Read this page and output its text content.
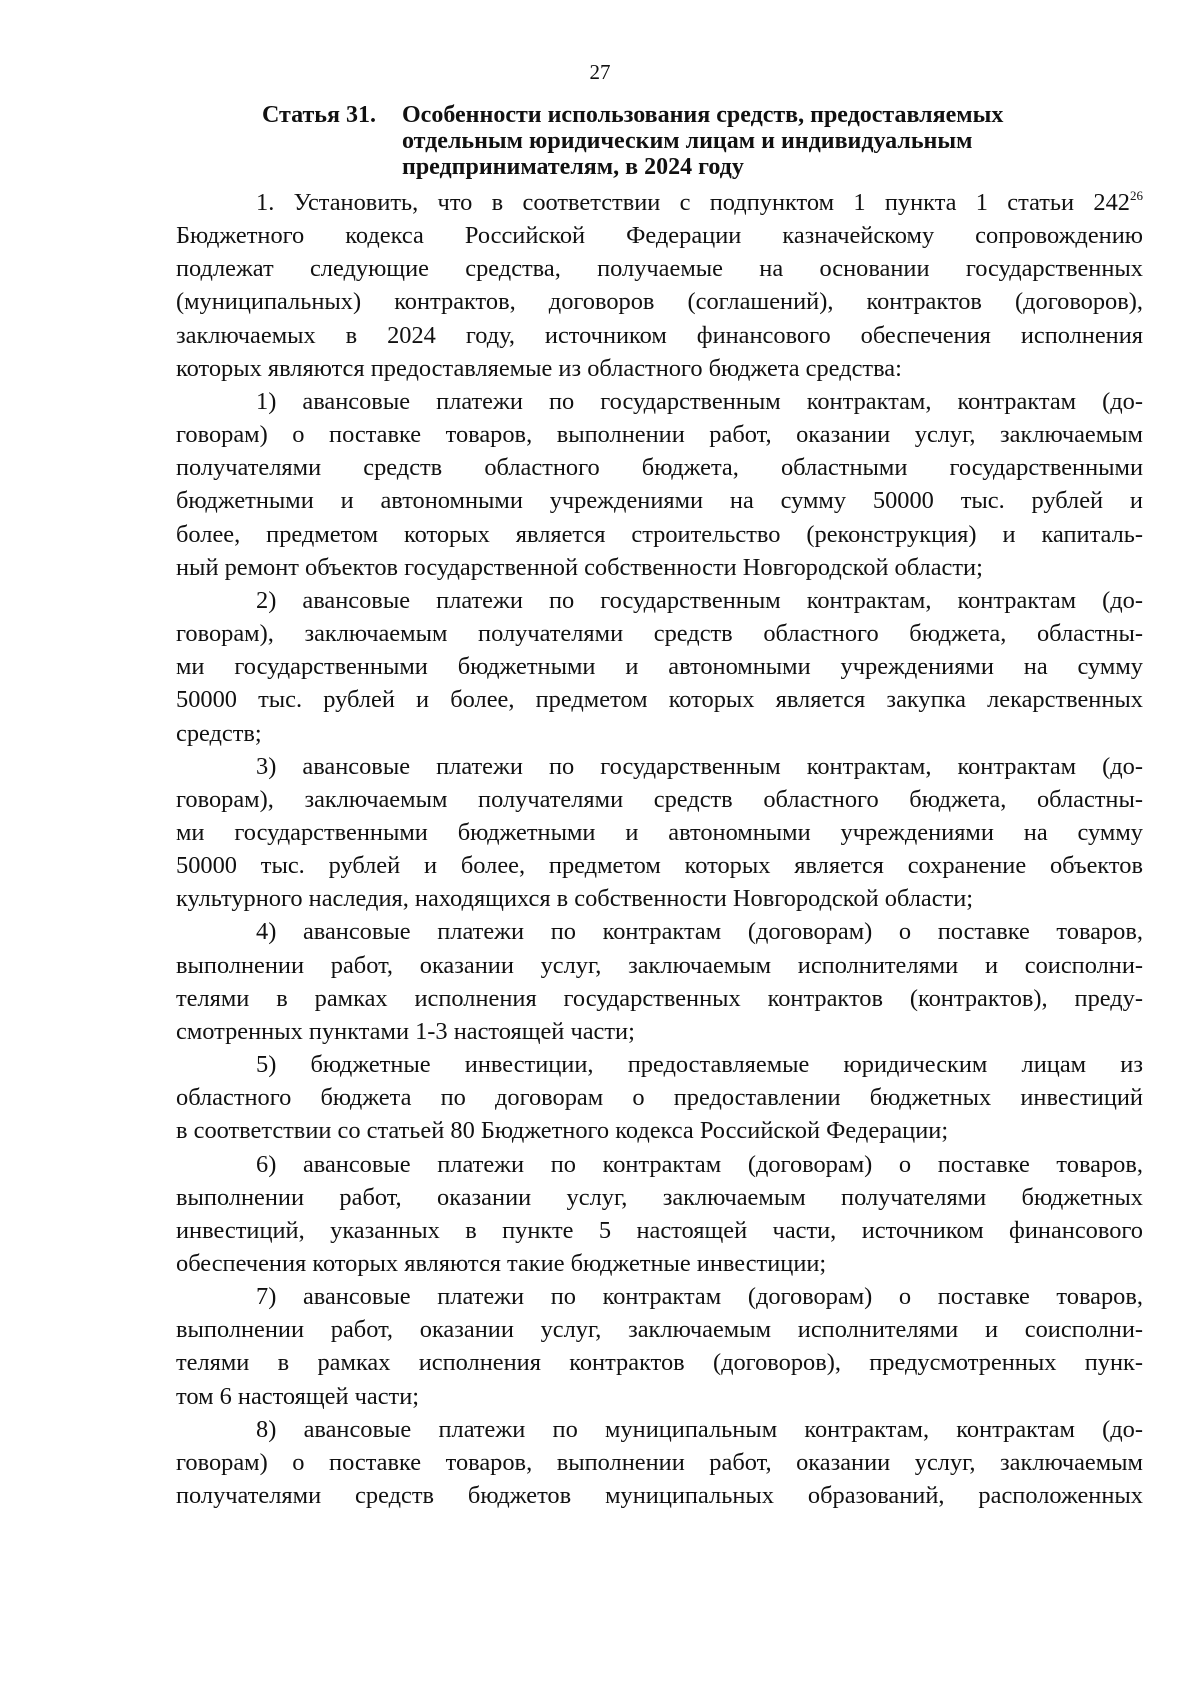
27
Статья 31. Особенности использования средств, предоставляемых
отдельным юридическим лицам и индивидуальным
предпринимателям, в 2024 году
1. Установить, что в соответствии с подпунктом 1 пункта 1 статьи 242$^{26}$
Бюджетного кодекса Российской Федерации казначейскому сопровождению
подлежат следующие средства, получаемые на основании государственных
(муниципальных) контрактов, договоров (соглашений), контрактов (договоров),
заключаемых в 2024 году, источником финансового обеспечения исполнения
которых являются предоставляемые из областного бюджета средства:
1) авансовые платежи по государственным контрактам, контрактам (до-
говорам) о поставке товаров, выполнении работ, оказании услуг, заключаемым
получателями средств областного бюджета, областными государственными
бюджетными и автономными учреждениями на сумму 50000 тыс. рублей и
более, предметом которых является строительство (реконструкция) и капиталь-
ный ремонт объектов государственной собственности Новгородской области;
2) авансовые платежи по государственным контрактам, контрактам (до-
говорам), заключаемым получателями средств областного бюджета, областны-
ми государственными бюджетными и автономными учреждениями на сумму
50000 тыс. рублей и более, предметом которых является закупка лекарственных
средств;
3) авансовые платежи по государственным контрактам, контрактам (до-
говорам), заключаемым получателями средств областного бюджета, областны-
ми государственными бюджетными и автономными учреждениями на сумму
50000 тыс. рублей и более, предметом которых является сохранение объектов
культурного наследия, находящихся в собственности Новгородской области;
4) авансовые платежи по контрактам (договорам) о поставке товаров,
выполнении работ, оказании услуг, заключаемым исполнителями и соисполни-
телями в рамках исполнения государственных контрактов (контрактов), преду-
смотренных пунктами 1-3 настоящей части;
5) бюджетные инвестиции, предоставляемые юридическим лицам из
областного бюджета по договорам о предоставлении бюджетных инвестиций
в соответствии со статьей 80 Бюджетного кодекса Российской Федерации;
6) авансовые платежи по контрактам (договорам) о поставке товаров,
выполнении работ, оказании услуг, заключаемым получателями бюджетных
инвестиций, указанных в пункте 5 настоящей части, источником финансового
обеспечения которых являются такие бюджетные инвестиции;
7) авансовые платежи по контрактам (договорам) о поставке товаров,
выполнении работ, оказании услуг, заключаемым исполнителями и соисполни-
телями в рамках исполнения контрактов (договоров), предусмотренных пунк-
том 6 настоящей части;
8) авансовые платежи по муниципальным контрактам, контрактам (до-
говорам) о поставке товаров, выполнении работ, оказании услуг, заключаемым
получателями средств бюджетов муниципальных образований, расположенных
